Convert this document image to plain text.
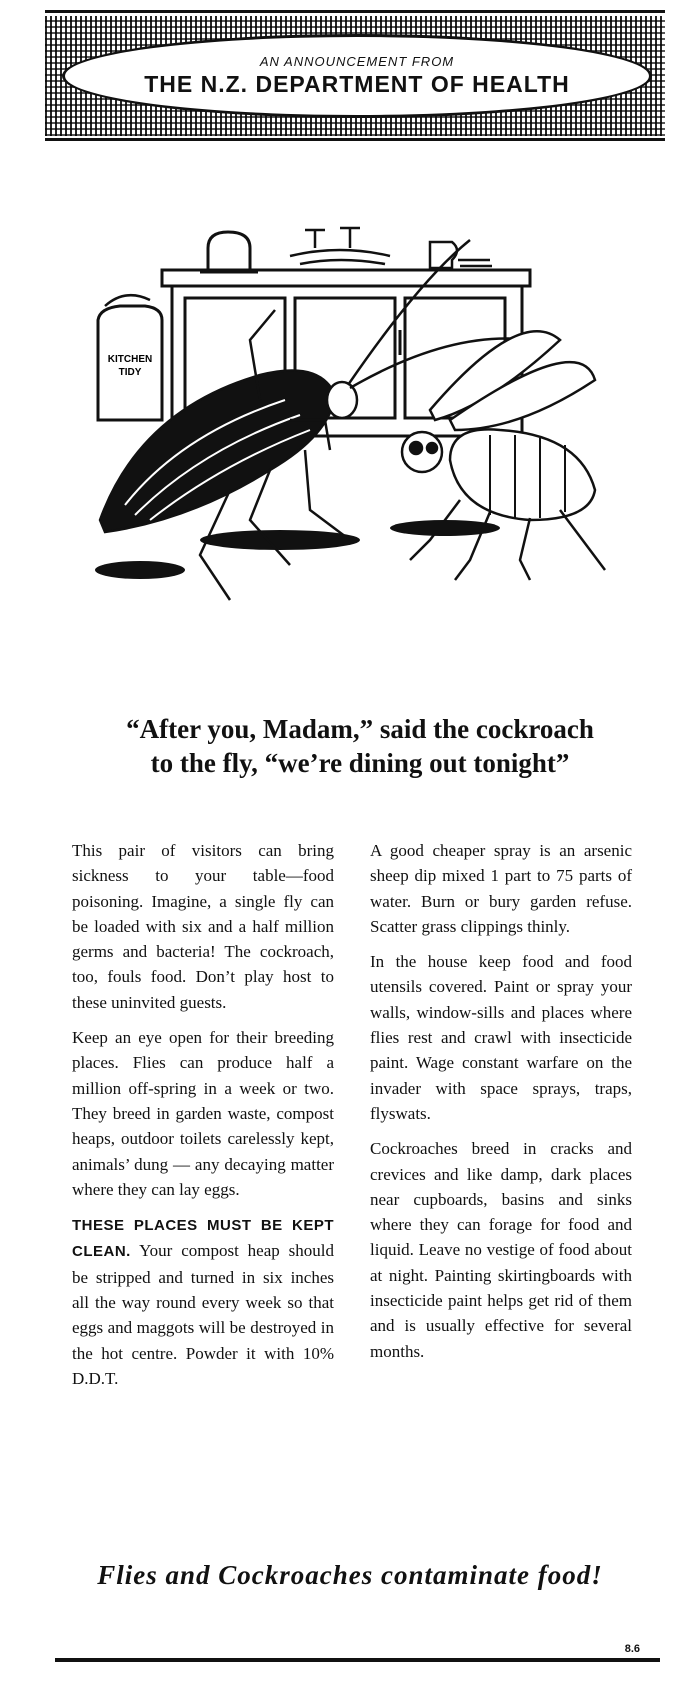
AN ANNOUNCEMENT FROM
THE N.Z. DEPARTMENT OF HEALTH
KITCHEN
TIDY
“After you, Madam,” said the cockroach
to the fly, “we’re dining out tonight”

This pair of visitors can bring sickness to your table—food poisoning. Imagine, a single fly can be loaded with six and a half million germs and bacteria! The cockroach, too, fouls food. Don’t play host to these uninvited guests.

Keep an eye open for their breeding places. Flies can produce half a million off-spring in a week or two. They breed in garden waste, compost heaps, outdoor toilets carelessly kept, animals’ dung — any decaying matter where they can lay eggs.

THESE PLACES MUST BE KEPT CLEAN. Your compost heap should be stripped and turned in six inches all the way round every week so that eggs and maggots will be destroyed in the hot centre. Powder it with 10% D.D.T.

A good cheaper spray is an arsenic sheep dip mixed 1 part to 75 parts of water. Burn or bury garden refuse. Scatter grass clippings thinly.

In the house keep food and food utensils covered. Paint or spray your walls, window-sills and places where flies rest and crawl with insecticide paint. Wage constant warfare on the invader with space sprays, traps, flyswats.

Cockroaches breed in cracks and crevices and like damp, dark places near cupboards, basins and sinks where they can forage for food and liquid. Leave no vestige of food about at night. Painting skirtingboards with insecticide paint helps get rid of them and is usually effective for several months.

Flies and Cockroaches contaminate food!
8.6
